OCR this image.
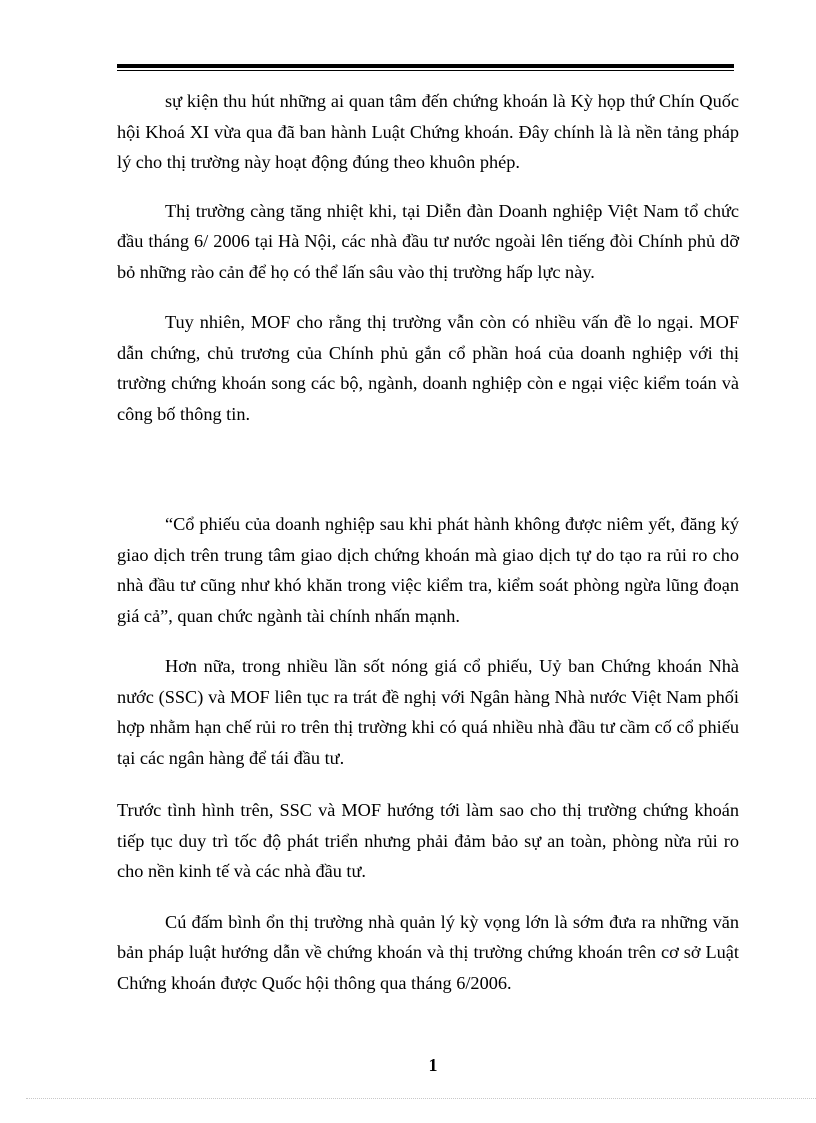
sự kiện thu hút những ai quan tâm đến chứng khoán là Kỳ họp thứ Chín Quốc hội Khoá XI vừa qua đã ban hành Luật Chứng khoán. Đây chính là là nền tảng pháp lý cho thị trường này hoạt động đúng theo khuôn phép.

Thị trường càng tăng nhiệt khi, tại Diễn đàn Doanh nghiệp Việt Nam tổ chức đầu tháng 6/ 2006 tại Hà Nội, các nhà đầu tư nước ngoài lên tiếng đòi Chính phủ dỡ bỏ những rào cản để họ có thể lấn sâu vào thị trường hấp lực này.

Tuy nhiên, MOF cho rằng thị trường vẫn còn có nhiều vấn đề lo ngại. MOF dẫn chứng, chủ trương của Chính phủ gắn cổ phần hoá của doanh nghiệp với thị trường chứng khoán song các bộ, ngành, doanh nghiệp còn e ngại việc kiểm toán và công bố thông tin.

“Cổ phiếu của doanh nghiệp sau khi phát hành không được niêm yết, đăng ký giao dịch trên trung tâm giao dịch chứng khoán mà giao dịch tự do tạo ra rủi ro cho nhà đầu tư cũng như khó khăn trong việc kiểm tra, kiểm soát phòng ngừa lũng đoạn giá cả”, quan chức ngành tài chính nhấn mạnh.

Hơn nữa, trong nhiều lần sốt nóng giá cổ phiếu, Uỷ ban Chứng khoán Nhà nước (SSC) và MOF liên tục ra trát đề nghị với Ngân hàng Nhà nước Việt Nam phối hợp nhằm hạn chế rủi ro trên thị trường khi có quá nhiều nhà đầu tư cầm cố cổ phiếu tại các ngân hàng để tái đầu tư.

Trước tình hình trên, SSC và MOF hướng tới làm sao cho thị trường chứng khoán tiếp tục duy trì tốc độ phát triển nhưng phải đảm bảo sự an toàn, phòng nừa rủi ro cho nền kinh tế và các nhà đầu tư.

Cú đấm bình ổn thị trường nhà quản lý kỳ vọng lớn là sớm đưa ra những văn bản pháp luật hướng dẫn về chứng khoán và thị trường chứng khoán trên cơ sở Luật Chứng khoán được Quốc hội thông qua tháng 6/2006.

1
